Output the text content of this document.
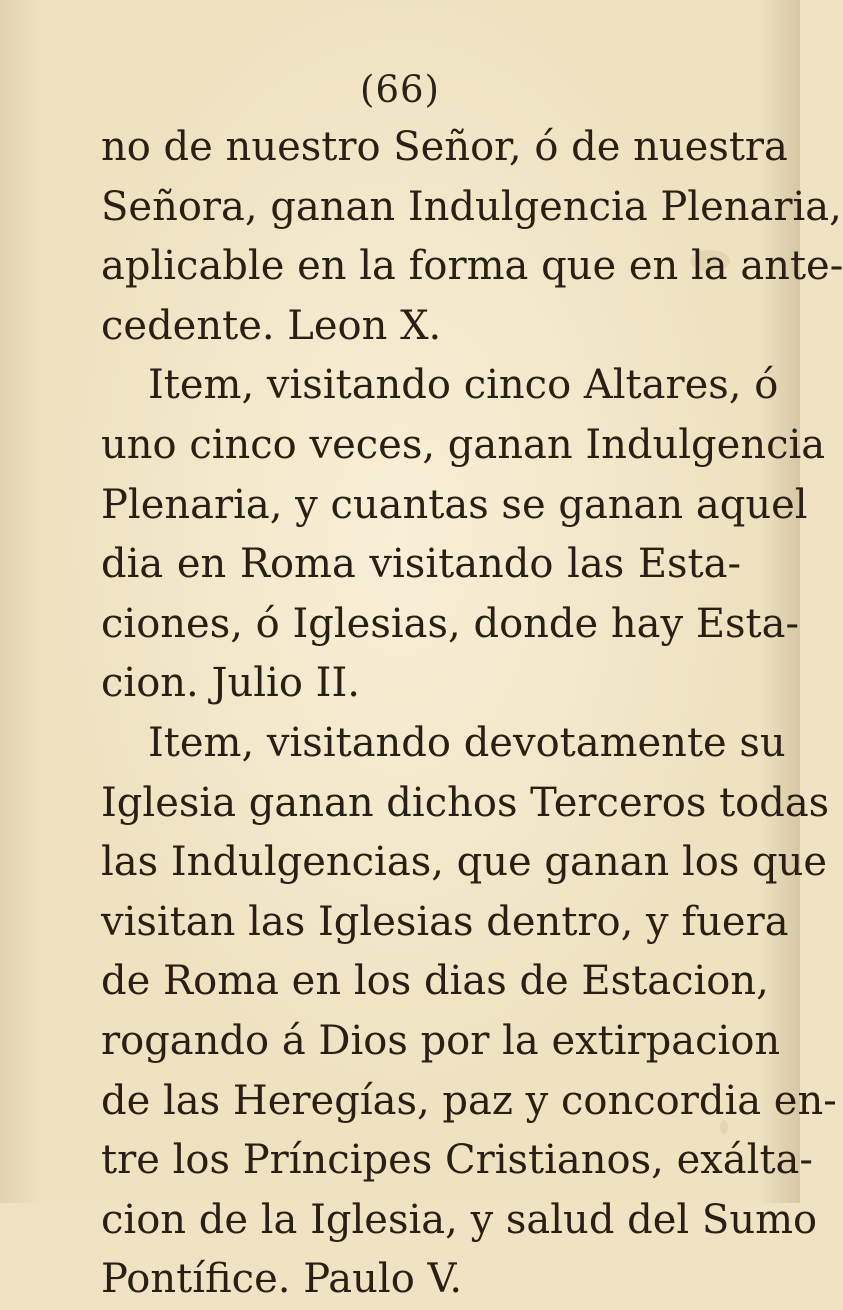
(66)
no de nuestro Señor, ó de nuestra
Señora, ganan Indulgencia Plenaria,
aplicable en la forma que en la ante-
cedente. Leon X.
Item, visitando cinco Altares, ó
uno cinco veces, ganan Indulgencia
Plenaria, y cuantas se ganan aquel
dia en Roma visitando las Esta-
ciones, ó Iglesias, donde hay Esta-
cion. Julio II.
Item, visitando devotamente su
Iglesia ganan dichos Terceros todas
las Indulgencias, que ganan los que
visitan las Iglesias dentro, y fuera
de Roma en los dias de Estacion,
rogando á Dios por la extirpacion
de las Heregías, paz y concordia en-
tre los Príncipes Cristianos, exálta-
cion de la Iglesia, y salud del Sumo
Pontífice. Paulo V.
